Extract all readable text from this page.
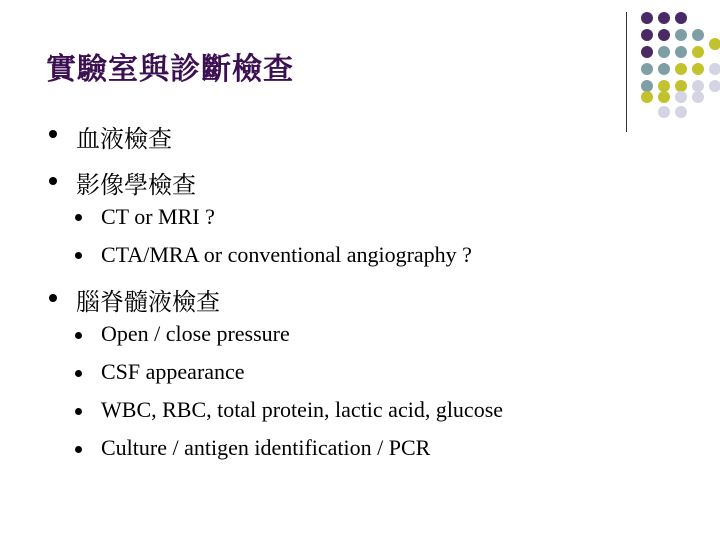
實驗室與診斷檢查
血液檢查
影像學檢查
CT or MRI ?
CTA/MRA or conventional angiography ?
腦脊髓液檢查
Open / close pressure
CSF appearance
WBC, RBC, total protein, lactic acid, glucose
Culture / antigen identification / PCR
